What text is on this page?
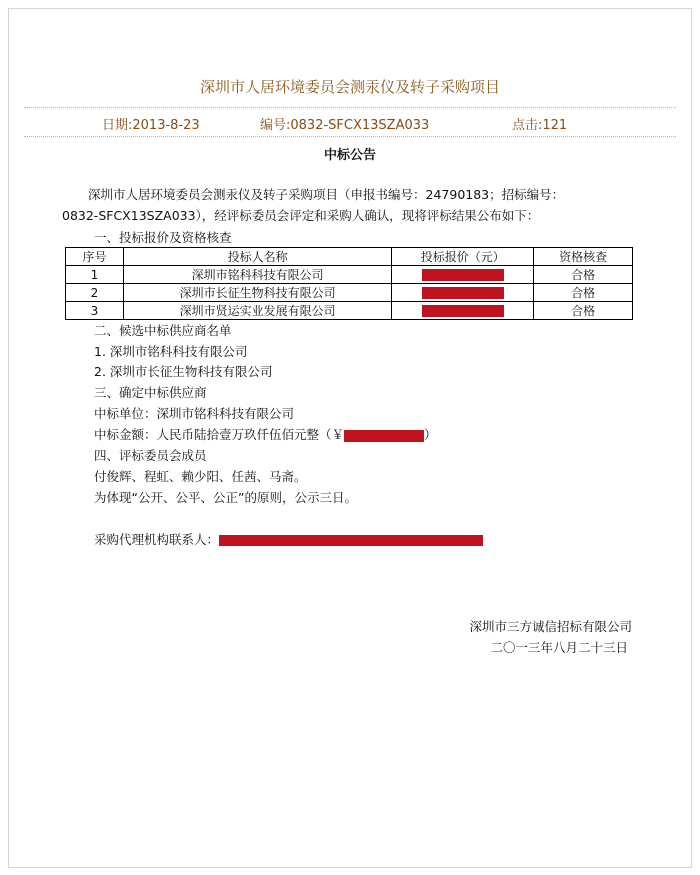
深圳市人居环境委员会测汞仪及转子采购项目
日期:2013-8-23	编号:0832-SFCX13SZA033	点击:121
中标公告
深圳市人居环境委员会测汞仪及转子采购项目（申报书编号：24790183；招标编号：
0832-SFCX13SZA033），经评标委员会评定和采购人确认，现将评标结果公布如下：
一、投标报价及资格核查
序号	投标人名称	投标报价（元）	资格核查
1	深圳市铭科科技有限公司		合格
2	深圳市长征生物科技有限公司		合格
3	深圳市贤运实业发展有限公司		合格
二、候选中标供应商名单
1. 深圳市铭科科技有限公司
2. 深圳市长征生物科技有限公司
三、确定中标供应商
中标单位：深圳市铭科科技有限公司
中标金额：人民币陆拾壹万玖仟伍佰元整（￥	）
四、评标委员会成员
付俊辉、程虹、赖少阳、任茜、马斋。
为体现“公开、公平、公正”的原则，公示三日。
采购代理机构联系人：
深圳市三方诚信招标有限公司
二〇一三年八月二十三日
